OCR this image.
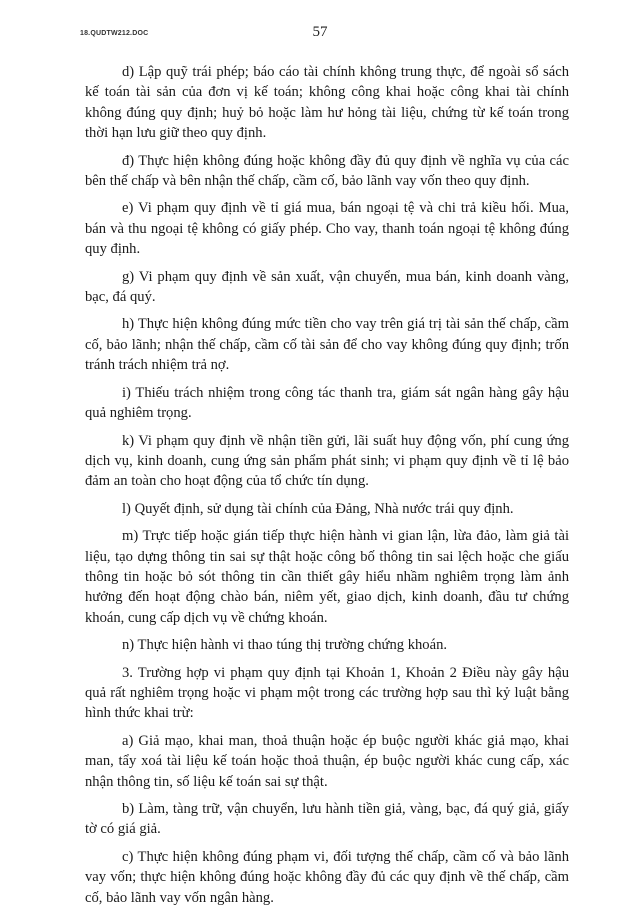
18.QUDTW212.DOC	57

d) Lập quỹ trái phép; báo cáo tài chính không trung thực, để ngoài sổ sách kế toán tài sản của đơn vị kế toán; không công khai hoặc công khai tài chính không đúng quy định; huỷ bỏ hoặc làm hư hỏng tài liệu, chứng từ kế toán trong thời hạn lưu giữ theo quy định.

đ) Thực hiện không đúng hoặc không đầy đủ quy định về nghĩa vụ của các bên thế chấp và bên nhận thế chấp, cầm cố, bảo lãnh vay vốn theo quy định.

e) Vi phạm quy định về tỉ giá mua, bán ngoại tệ và chi trả kiều hối. Mua, bán và thu ngoại tệ không có giấy phép. Cho vay, thanh toán ngoại tệ không đúng quy định.

g) Vi phạm quy định về sản xuất, vận chuyển, mua bán, kinh doanh vàng, bạc, đá quý.

h) Thực hiện không đúng mức tiền cho vay trên giá trị tài sản thế chấp, cầm cố, bảo lãnh; nhận thế chấp, cầm cố tài sản để cho vay không đúng quy định; trốn tránh trách nhiệm trả nợ.

i) Thiếu trách nhiệm trong công tác thanh tra, giám sát ngân hàng gây hậu quả nghiêm trọng.

k) Vi phạm quy định về nhận tiền gửi, lãi suất huy động vốn, phí cung ứng dịch vụ, kinh doanh, cung ứng sản phẩm phát sinh; vi phạm quy định về tỉ lệ bảo đảm an toàn cho hoạt động của tổ chức tín dụng.

l) Quyết định, sử dụng tài chính của Đảng, Nhà nước trái quy định.

m) Trực tiếp hoặc gián tiếp thực hiện hành vi gian lận, lừa đảo, làm giả tài liệu, tạo dựng thông tin sai sự thật hoặc công bố thông tin sai lệch hoặc che giấu thông tin hoặc bỏ sót thông tin cần thiết gây hiểu nhầm nghiêm trọng làm ảnh hưởng đến hoạt động chào bán, niêm yết, giao dịch, kinh doanh, đầu tư chứng khoán, cung cấp dịch vụ về chứng khoán.

n) Thực hiện hành vi thao túng thị trường chứng khoán.

3. Trường hợp vi phạm quy định tại Khoản 1, Khoản 2 Điều này gây hậu quả rất nghiêm trọng hoặc vi phạm một trong các trường hợp sau thì kỷ luật bằng hình thức khai trừ:

a) Giả mạo, khai man, thoả thuận hoặc ép buộc người khác giả mạo, khai man, tẩy xoá tài liệu kế toán hoặc thoả thuận, ép buộc người khác cung cấp, xác nhận thông tin, số liệu kế toán sai sự thật.

b) Làm, tàng trữ, vận chuyển, lưu hành tiền giả, vàng, bạc, đá quý giả, giấy tờ có giá giả.

c) Thực hiện không đúng phạm vi, đối tượng thế chấp, cầm cố và bảo lãnh vay vốn; thực hiện không đúng hoặc không đầy đủ các quy định về thế chấp, cầm cố, bảo lãnh vay vốn ngân hàng.
